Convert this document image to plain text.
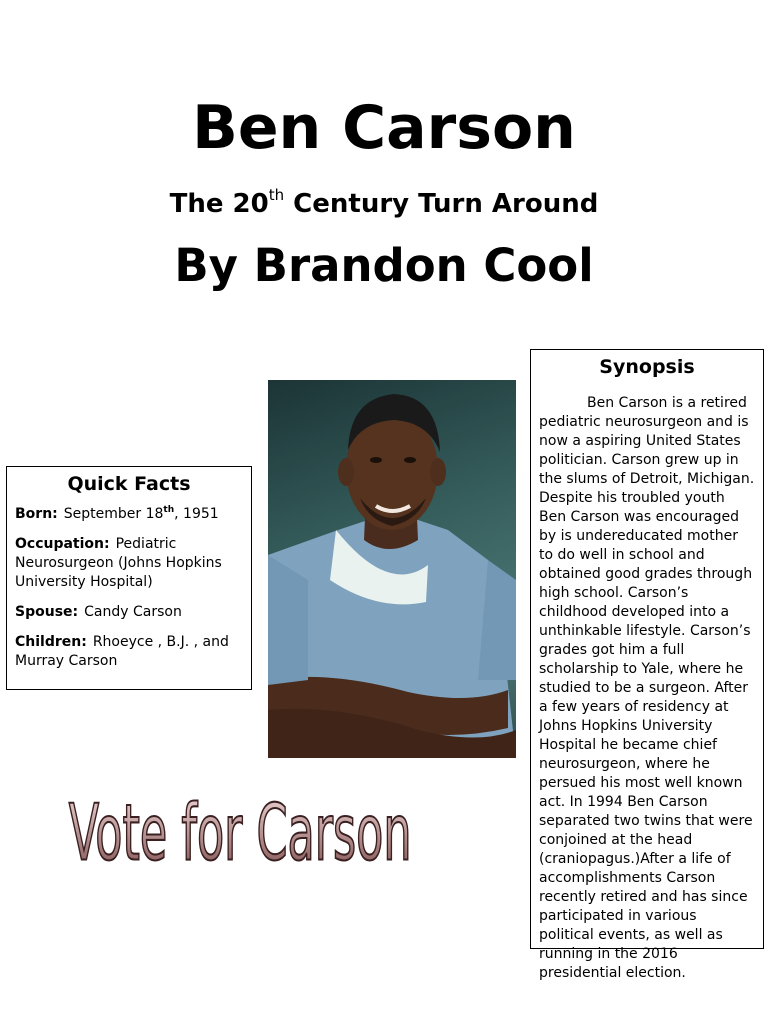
Ben Carson

The 20th Century Turn Around

By Brandon Cool

Quick Facts

Born: September 18th, 1951

Occupation: Pediatric Neurosurgeon (Johns Hopkins University Hospital)

Spouse: Candy Carson

Children: Rhoeyce , B.J. , and Murray Carson

Synopsis

Ben Carson is a retired pediatric neurosurgeon and is now a aspiring United States politician. Carson grew up in the slums of Detroit, Michigan. Despite his troubled youth Ben Carson was encouraged by is undereducated mother to do well in school and obtained good grades through high school. Carson’s childhood developed into a unthinkable lifestyle. Carson’s grades got him a full scholarship to Yale, where he studied to be a surgeon. After a few years of residency at Johns Hopkins University Hospital he became chief neurosurgeon, where he persued his most well known act. In 1994 Ben Carson separated two twins that were conjoined at the head (craniopagus.)After a life of accomplishments Carson recently retired and has since participated in various political events, as well as running in the 2016 presidential election.

Vote for Carson
